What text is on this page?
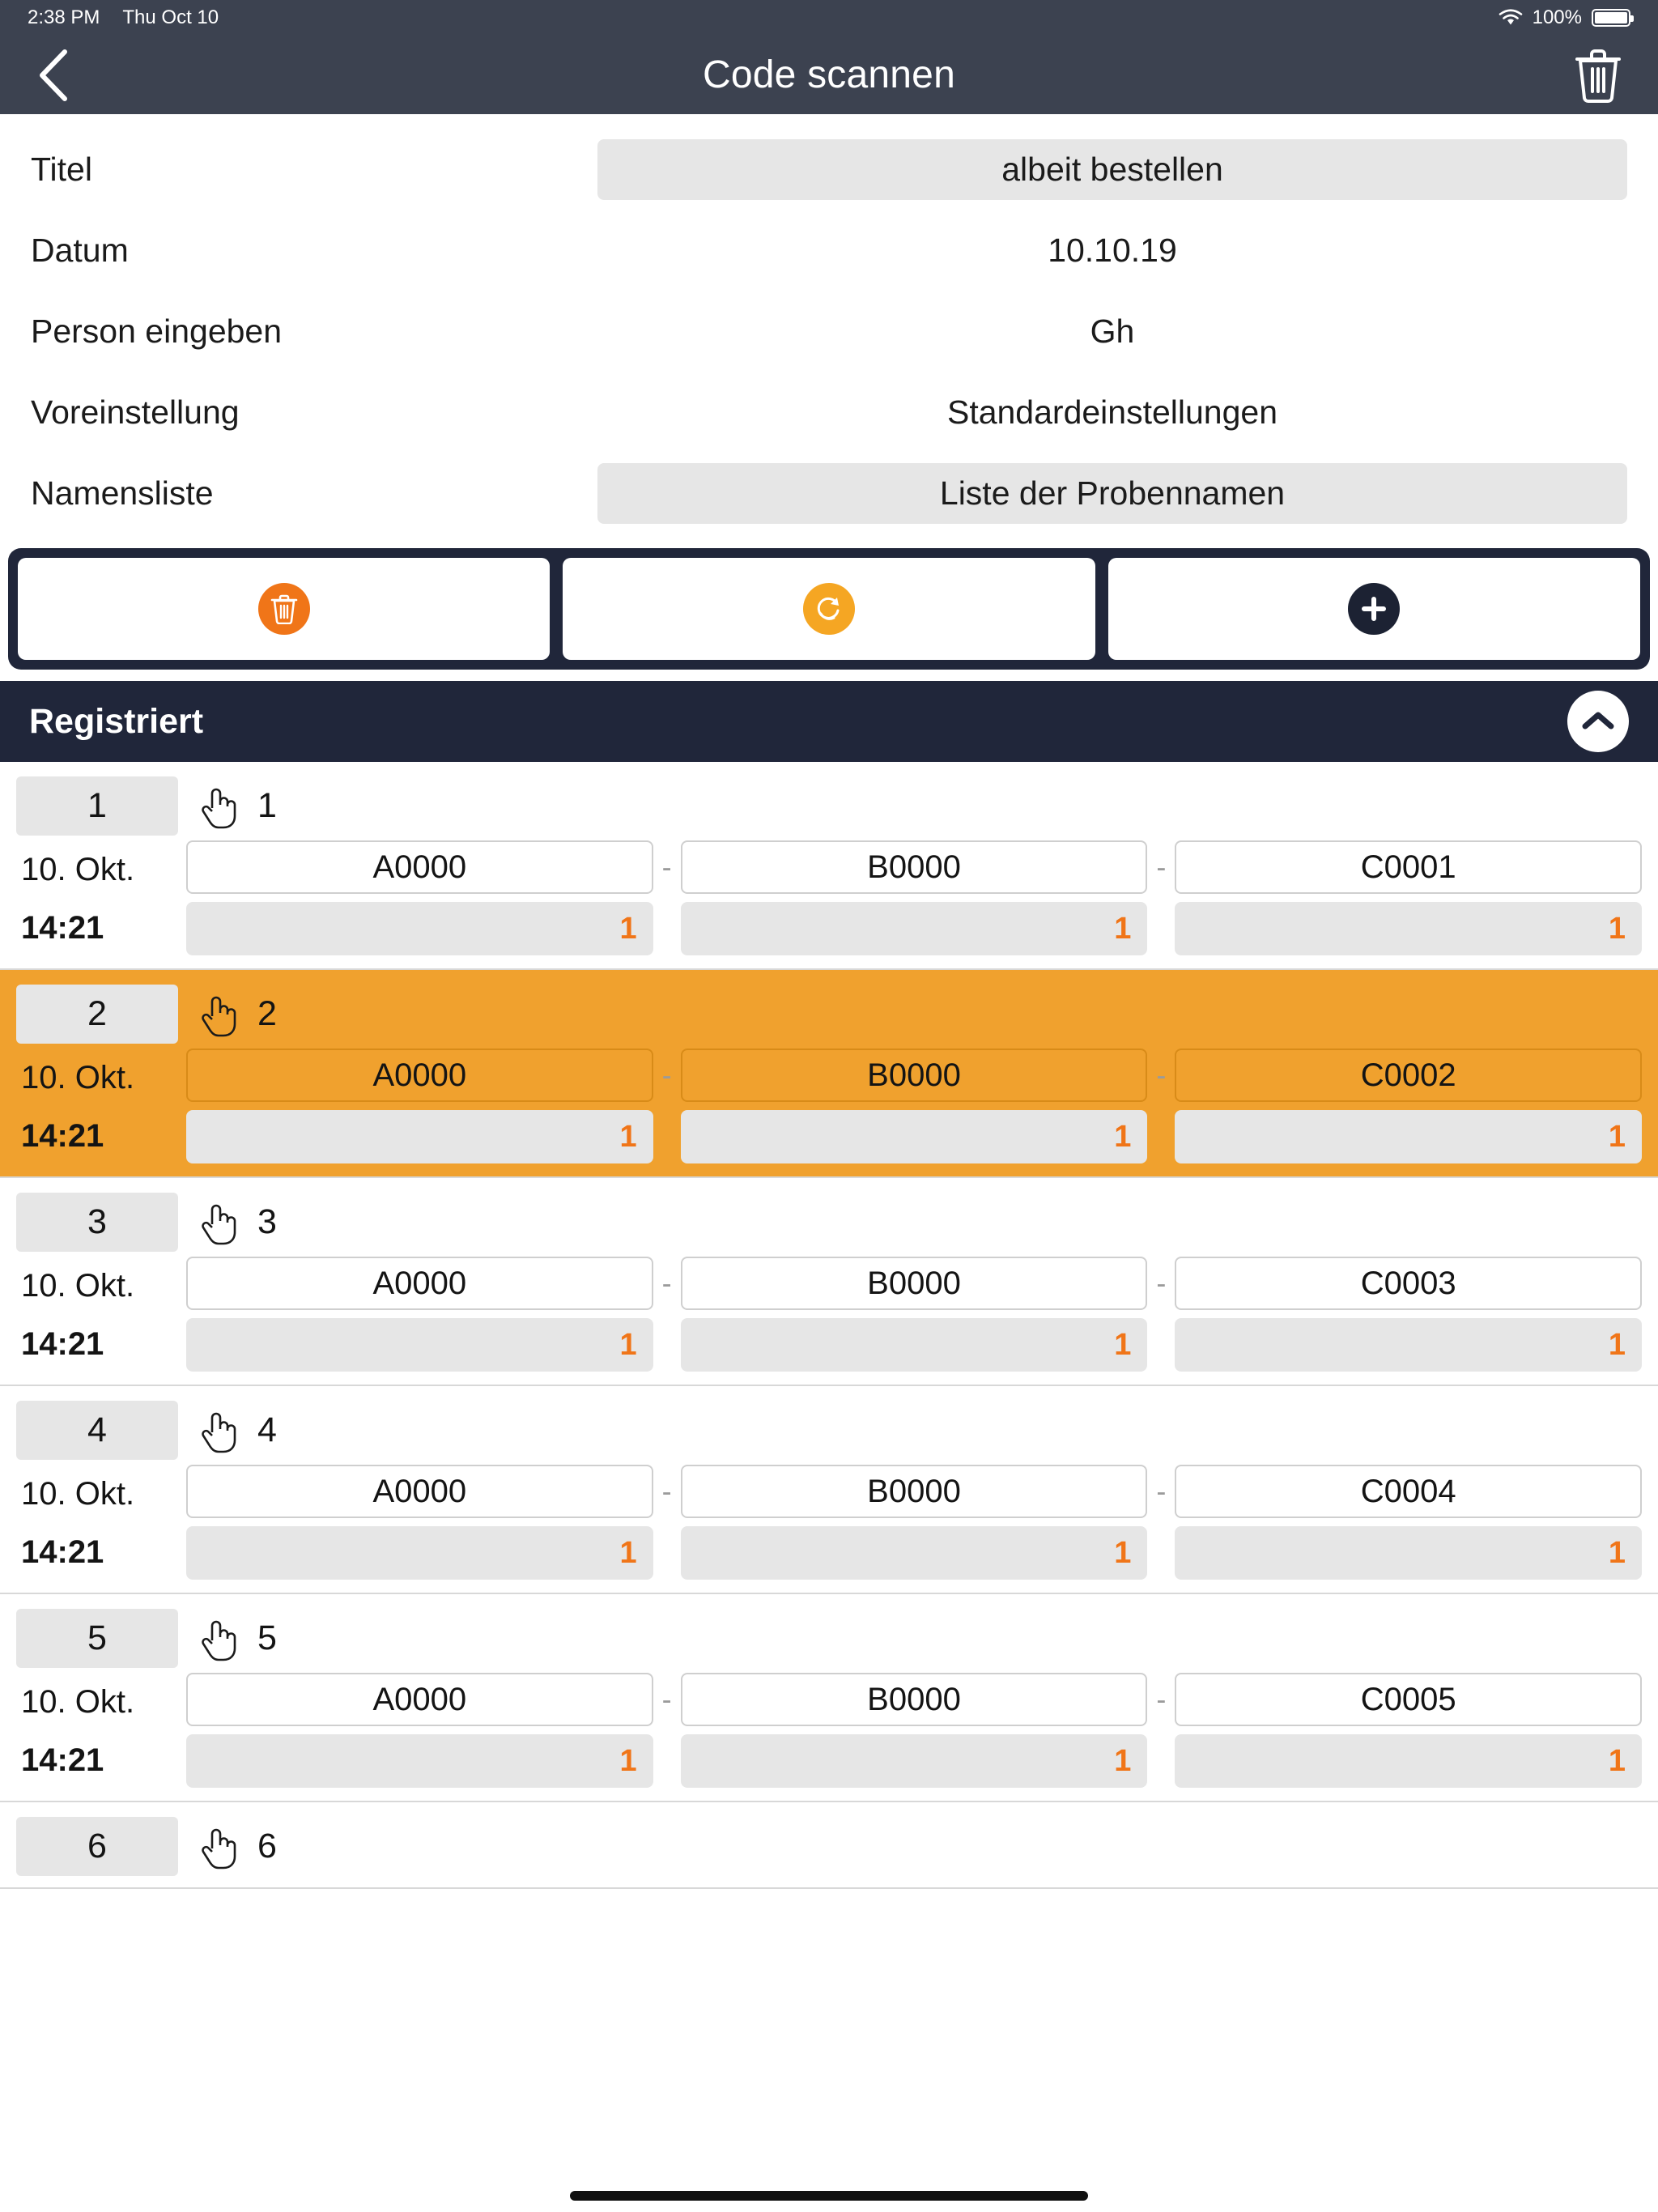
2:38 PM Thu Oct 10	100%
Code scannen
Titel	albeit bestellen
Datum	10.10.19
Person eingeben	Gh
Voreinstellung	Standardeinstellungen
Namensliste	Liste der Probennamen
Registriert
1	1
10. Okt.
14:21
A0000	-	B0000	-	C0001
1	1	1
2	2
10. Okt.
14:21
A0000	-	B0000	-	C0002
1	1	1
3	3
10. Okt.
14:21
A0000	-	B0000	-	C0003
1	1	1
4	4
10. Okt.
14:21
A0000	-	B0000	-	C0004
1	1	1
5	5
10. Okt.
14:21
A0000	-	B0000	-	C0005
1	1	1
6	6
